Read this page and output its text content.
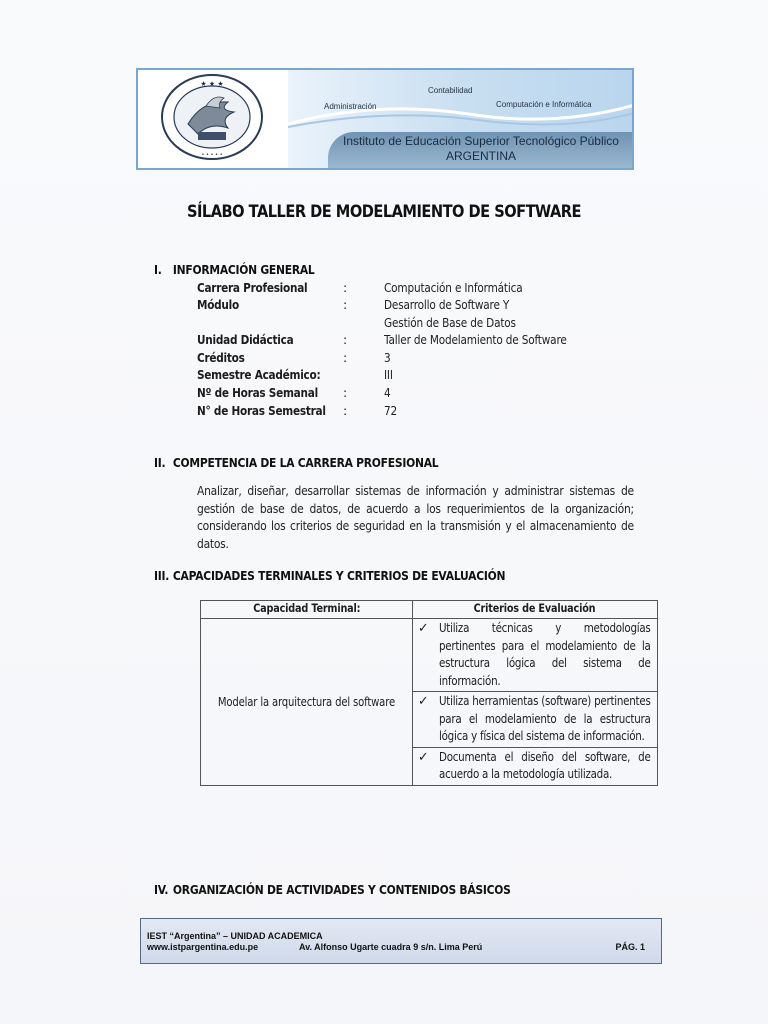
★ ★ ★
• • • • •
Contabilidad
Administración	Computación e Informática
Instituto de Educación Superior Tecnológico Público
ARGENTINA
SÍLABO TALLER DE MODELAMIENTO DE SOFTWARE
I. INFORMACIÓN GENERAL
Carrera Profesional	:	Computación e Informática
Módulo	:	Desarrollo de Software Y
Gestión de Base de Datos
Unidad Didáctica	:	Taller de Modelamiento de Software
Créditos	:	3
Semestre Académico:	III
Nº de Horas Semanal :	4
N° de Horas Semestral :	72
II. COMPETENCIA DE LA CARRERA PROFESIONAL
Analizar, diseñar, desarrollar sistemas de información y administrar sistemas de gestión de base de datos, de acuerdo a los requerimientos de la organización; considerando los criterios de seguridad en la transmisión y el almacenamiento de datos.
III. CAPACIDADES TERMINALES Y CRITERIOS DE EVALUACIÓN
Capacidad Terminal:	Criterios de Evaluación
Modelar la arquitectura del software	✓ Utiliza técnicas y metodologías pertinentes para el modelamiento de la estructura lógica del sistema de información.

	✓ Utiliza herramientas (software) pertinentes para el modelamiento de la estructura lógica y física del sistema de información.

	✓ Documenta el diseño del software, de acuerdo a la metodología utilizada.
IV. ORGANIZACIÓN DE ACTIVIDADES Y CONTENIDOS BÁSICOS
IEST “Argentina” – UNIDAD ACADEMICA
www.istpargentina.edu.pe	Av. Alfonso Ugarte cuadra 9 s/n. Lima Perú	PÁG. 1
